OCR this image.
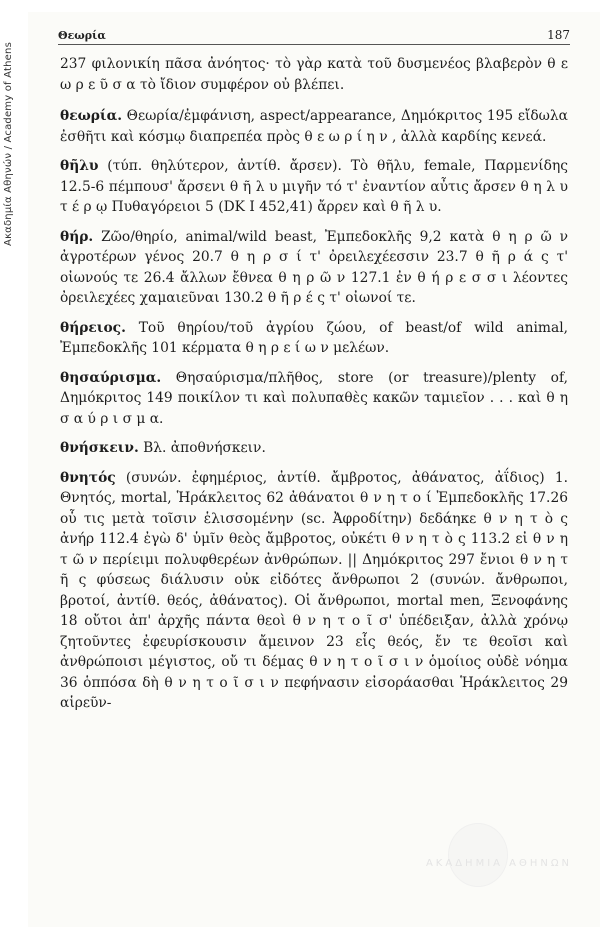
Ακαδημία Αθηνών / Academy of Athens
Θεωρία	187

237 φιλονικίη πᾶσα ἀνόητος· τὸ γὰρ κατὰ τοῦ δυσμενέος βλαβερὸν θ ε ω ρ ε ῦ σ α τὸ ἴδιον συμφέρον οὐ βλέπει.

θεωρία. Θεωρία/ἐμφάνιση, aspect/appearance, Δημόκριτος 195 εἴδωλα ἐσθῆτι καὶ κόσμῳ διαπρεπέα πρὸς θ ε ω ρ ί η ν , ἀλλὰ καρδίης κενεά.

θῆλυ (τύπ. θηλύτερον, ἀντίθ. ἄρσεν). Τὸ θῆλυ, female, Παρμενίδης 12.5-6 πέμπουσ' ἄρσενι θ ῆ λ υ μιγῆν τό τ' ἐναντίον αὖτις ἄρσεν θ η λ υ τ έ ρ ῳ Πυθαγόρειοι 5 (DK I 452,41) ἄρρεν καὶ θ ῆ λ υ.

θήρ. Ζῶο/θηρίο, animal/wild beast, Ἐμπεδοκλῆς 9,2 κατὰ θ η ρ ῶ ν ἀγροτέρων γένος 20.7 θ η ρ σ ί τ' ὀρειλεχέεσσιν 23.7 θ ῆ ρ ά ς τ' οἰωνούς τε 26.4 ἄλλων ἔθνεα θ η ρ ῶ ν 127.1 ἐν θ ή ρ ε σ σ ι λέοντες ὀρειλεχέες χαμαιεῦναι 130.2 θ ῆ ρ έ ς τ' οἰωνοί τε.

θήρειος. Τοῦ θηρίου/τοῦ ἀγρίου ζώου, of beast/of wild animal, Ἐμπεδοκλῆς 101 κέρματα θ η ρ ε ί ω ν μελέων.

θησαύρισμα. Θησαύρισμα/πλῆθος, store (or treasure)/plenty of, Δημόκριτος 149 ποικίλον τι καὶ πολυπαθὲς κακῶν ταμιεῖον . . . καὶ θ η σ α ύ ρ ι σ μ α.

θνήσκειν. Βλ. ἀποθνήσκειν.

θνητός (συνών. ἐφημέριος, ἀντίθ. ἄμβροτος, ἀθάνατος, ἀΐδιος) 1. Θνητός, mortal, Ἡράκλειτος 62 ἀθάνατοι θ ν η τ ο ί Ἐμπεδοκλῆς 17.26 οὗ τις μετὰ τοῖσιν ἑλισσομένην (sc. Ἀφροδίτην) δεδάηκε θ ν η τ ὸ ς ἀνήρ 112.4 ἐγὼ δ' ὑμῖν θεὸς ἄμβροτος, οὐκέτι θ ν η τ ὸ ς 113.2 εἰ θ ν η τ ῶ ν περίειμι πολυφθερέων ἀνθρώπων. || Δημόκριτος 297 ἔνιοι θ ν η τ ῆ ς φύσεως διάλυσιν οὐκ εἰδότες ἄνθρωποι 2 (συνών. ἄνθρωποι, βροτοί, ἀντίθ. θεός, ἀθάνατος). Οἱ ἄνθρωποι, mortal men, Ξενοφάνης 18 οὔτοι ἀπ' ἀρχῆς πάντα θεοὶ θ ν η τ ο ῖ σ' ὑπέδειξαν, ἀλλὰ χρόνῳ ζητοῦντες ἐφευρίσκουσιν ἄμεινον 23 εἷς θεός, ἔν τε θεοῖσι καὶ ἀνθρώποισι μέγιστος, οὔ τι δέμας θ ν η τ ο ῖ σ ι ν ὁμοίιος οὐδὲ νόημα 36 ὁππόσα δὴ θ ν η τ ο ῖ σ ι ν πεφήνασιν εἰσοράασθαι Ἡράκλειτος 29 αἱρεῦν-

ΑΚΑΔΗΜΙΑ ΑΘΗΝΩΝ
